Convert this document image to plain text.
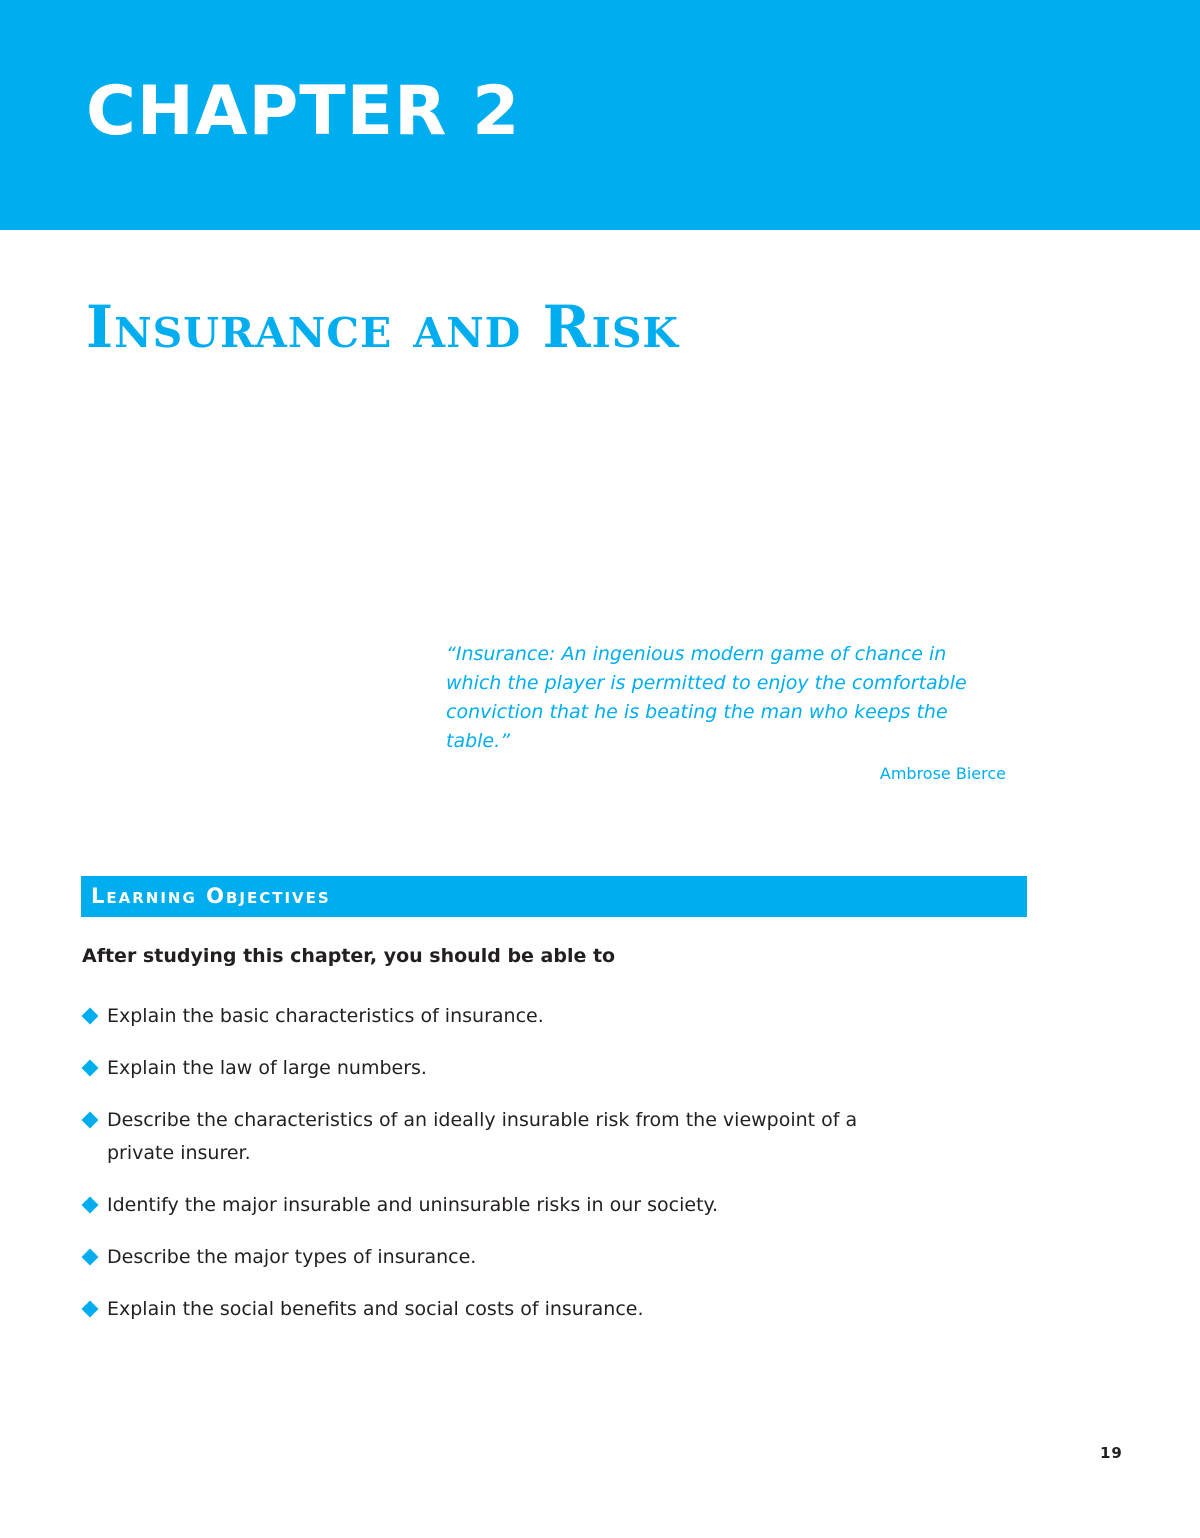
CHAPTER 2
Insurance and Risk

“Insurance: An ingenious modern game of chance in which the player is permitted to enjoy the comfortable conviction that he is beating the man who keeps the table.”

Ambrose Bierce
Learning Objectives
After studying this chapter, you should be able to
Explain the basic characteristics of insurance.
Explain the law of large numbers.
Describe the characteristics of an ideally insurable risk from the viewpoint of a private insurer.
Identify the major insurable and uninsurable risks in our society.
Describe the major types of insurance.
Explain the social benefits and social costs of insurance.
19
